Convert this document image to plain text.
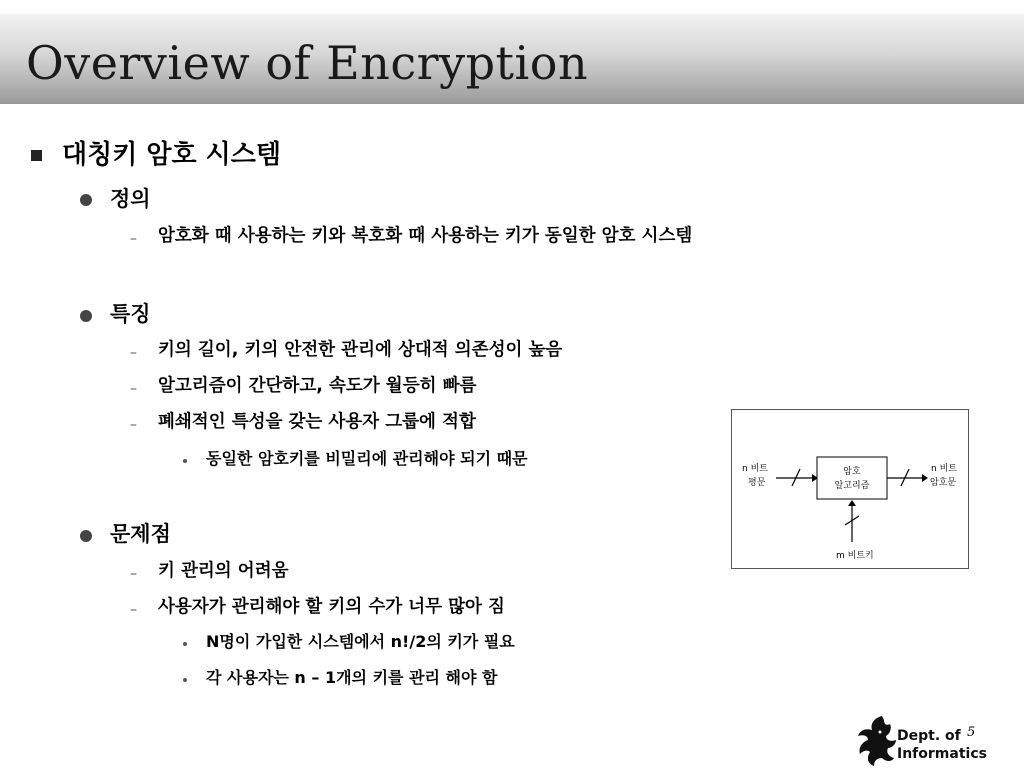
Overview of Encryption
대칭키 암호 시스템
정의
– 암호화 때 사용하는 키와 복호화 때 사용하는 키가 동일한 암호 시스템
특징
– 키의 길이, 키의 안전한 관리에 상대적 의존성이 높음
– 알고리즘이 간단하고, 속도가 월등히 빠름
– 폐쇄적인 특성을 갖는 사용자 그룹에 적합
동일한 암호키를 비밀리에 관리해야 되기 때문
문제점
– 키 관리의 어려움
– 사용자가 관리해야 할 키의 수가 너무 많아 짐
N명이 가입한 시스템에서 n!/2의 키가 필요
각 사용자는 n – 1개의 키를 관리 해야 함
n 비트
평문
암호
알고리즘
n 비트
암호문
m 비트키
Dept. of
Informatics
5
